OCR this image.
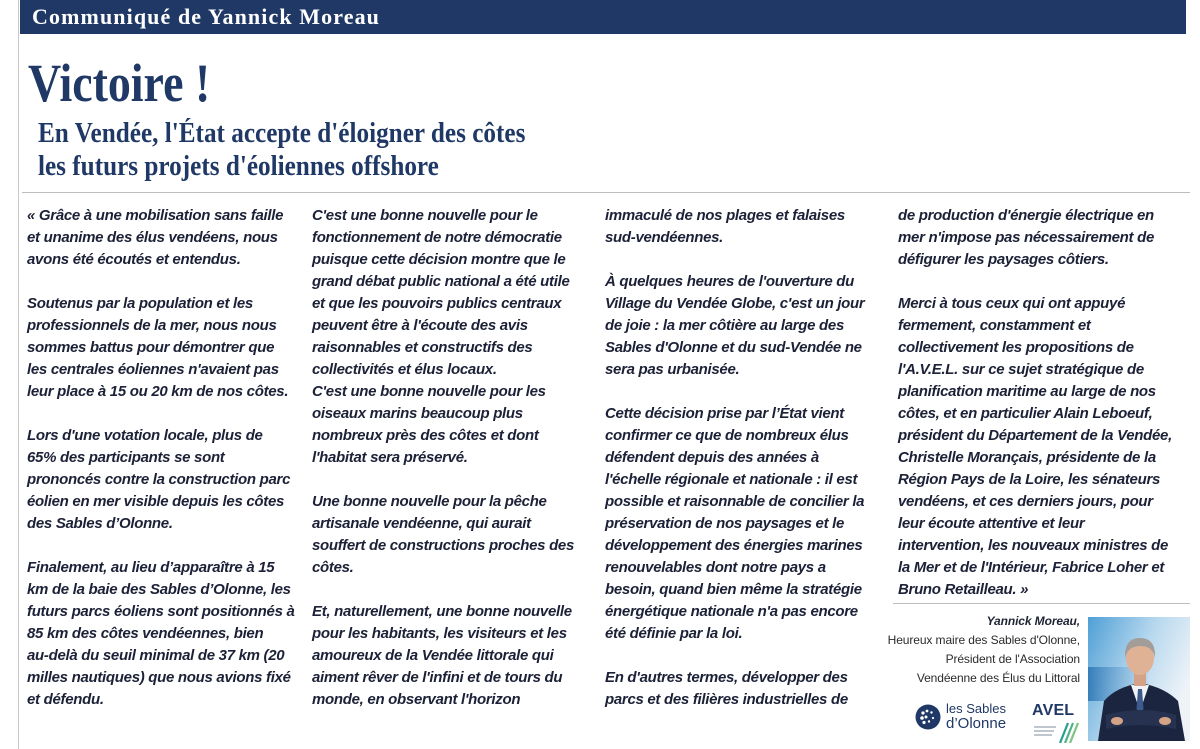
Communiqué de Yannick Moreau
Victoire !
En Vendée, l'État accepte d'éloigner des côtes
les futurs projets d'éoliennes offshore

« Grâce à une mobilisation sans faille
et unanime des élus vendéens, nous
avons été écoutés et entendus.

Soutenus par la population et les
professionnels de la mer, nous nous
sommes battus pour démontrer que
les centrales éoliennes n'avaient pas
leur place à 15 ou 20 km de nos côtes.

Lors d'une votation locale, plus de
65% des participants se sont
prononcés contre la construction parc
éolien en mer visible depuis les côtes
des Sables d’Olonne.

Finalement, au lieu d’apparaître à 15
km de la baie des Sables d’Olonne, les
futurs parcs éoliens sont positionnés à
85 km des côtes vendéennes, bien
au-delà du seuil minimal de 37 km (20
milles nautiques) que nous avions fixé
et défendu.

C'est une bonne nouvelle pour le
fonctionnement de notre démocratie
puisque cette décision montre que le
grand débat public national a été utile
et que les pouvoirs publics centraux
peuvent être à l'écoute des avis
raisonnables et constructifs des
collectivités et élus locaux.
C'est une bonne nouvelle pour les
oiseaux marins beaucoup plus
nombreux près des côtes et dont
l'habitat sera préservé.

Une bonne nouvelle pour la pêche
artisanale vendéenne, qui aurait
souffert de constructions proches des
côtes.

Et, naturellement, une bonne nouvelle
pour les habitants, les visiteurs et les
amoureux de la Vendée littorale qui
aiment rêver de l'infini et de tours du
monde, en observant l'horizon

immaculé de nos plages et falaises
sud-vendéennes.

À quelques heures de l'ouverture du
Village du Vendée Globe, c'est un jour
de joie : la mer côtière au large des
Sables d'Olonne et du sud-Vendée ne
sera pas urbanisée.

Cette décision prise par l’État vient
confirmer ce que de nombreux élus
défendent depuis des années à
l'échelle régionale et nationale : il est
possible et raisonnable de concilier la
préservation de nos paysages et le
développement des énergies marines
renouvelables dont notre pays a
besoin, quand bien même la stratégie
énergétique nationale n'a pas encore
été définie par la loi.

En d'autres termes, développer des
parcs et des filières industrielles de

de production d'énergie électrique en
mer n'impose pas nécessairement de
défigurer les paysages côtiers.

Merci à tous ceux qui ont appuyé
fermement, constamment et
collectivement les propositions de
l'A.V.E.L. sur ce sujet stratégique de
planification maritime au large de nos
côtes, et en particulier Alain Leboeuf,
président du Département de la Vendée,
Christelle Morançais, présidente de la
Région Pays de la Loire, les sénateurs
vendéens, et ces derniers jours, pour
leur écoute attentive et leur
intervention, les nouveaux ministres de
la Mer et de l'Intérieur, Fabrice Loher et
Bruno Retailleau. »

Yannick Moreau,
Heureux maire des Sables d'Olonne,
Président de l'Association
Vendéenne des Élus du Littoral
les Sables
d’Olonne
AVEL
